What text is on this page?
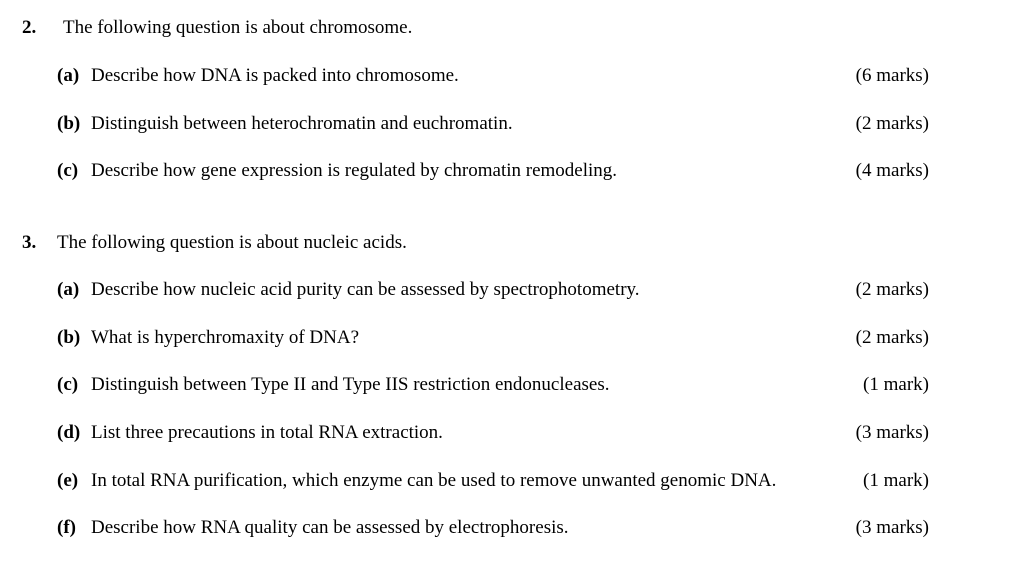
2. The following question is about chromosome.
(a) Describe how DNA is packed into chromosome.	(6 marks)
(b) Distinguish between heterochromatin and euchromatin.	(2 marks)
(c) Describe how gene expression is regulated by chromatin remodeling.	(4 marks)
3. The following question is about nucleic acids.
(a) Describe how nucleic acid purity can be assessed by spectrophotometry.	(2 marks)
(b) What is hyperchromaxity of DNA?	(2 marks)
(c) Distinguish between Type II and Type IIS restriction endonucleases.	(1 mark)
(d) List three precautions in total RNA extraction.	(3 marks)
(e) In total RNA purification, which enzyme can be used to remove unwanted genomic DNA.	(1 mark)
(f) Describe how RNA quality can be assessed by electrophoresis.	(3 marks)
